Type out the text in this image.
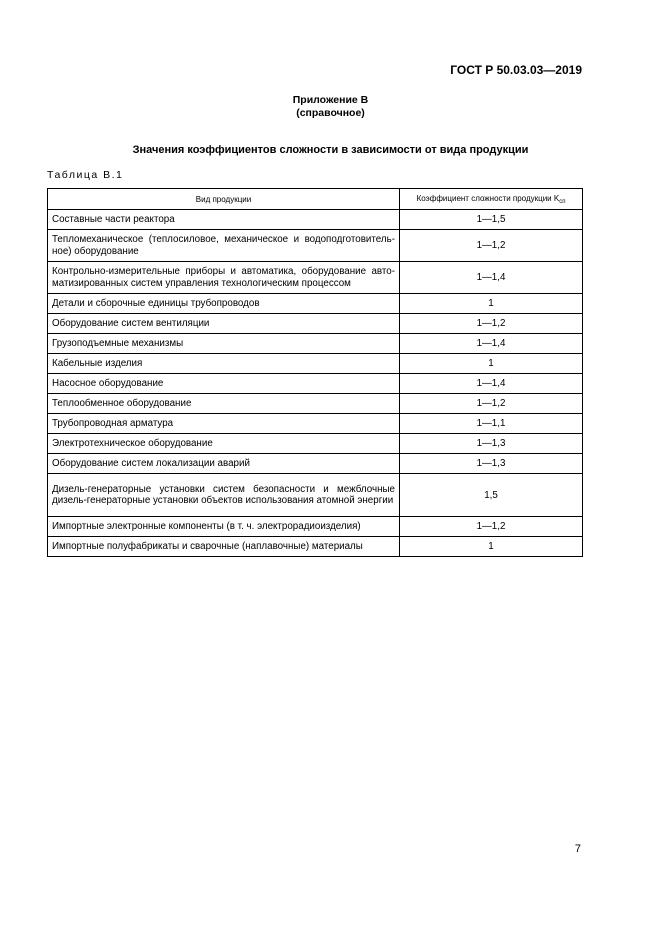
ГОСТ Р 50.03.03—2019
Приложение В
(справочное)
Значения коэффициентов сложности в зависимости от вида продукции
Таблица В.1
Вид продукции	Коэффициент сложности продукции $K_{сп}$
Составные части реактора	1—1,5
Тепломеханическое (теплосиловое, механическое и водоподготовитель-ное) оборудование	1—1,2
Контрольно-измерительные приборы и автоматика, оборудование авто-матизированных систем управления технологическим процессом	1—1,4
Детали и сборочные единицы трубопроводов	1
Оборудование систем вентиляции	1—1,2
Грузоподъемные механизмы	1—1,4
Кабельные изделия	1
Насосное оборудование	1—1,4
Теплообменное оборудование	1—1,2
Трубопроводная арматура	1—1,1
Электротехническое оборудование	1—1,3
Оборудование систем локализации аварий	1—1,3
Дизель-генераторные установки систем безопасности и межблочные дизель-генераторные установки объектов использования атомной энергии	1,5
Импортные электронные компоненты (в т. ч. электрорадиоизделия)	1—1,2
Импортные полуфабрикаты и сварочные (наплавочные) материалы	1
7
